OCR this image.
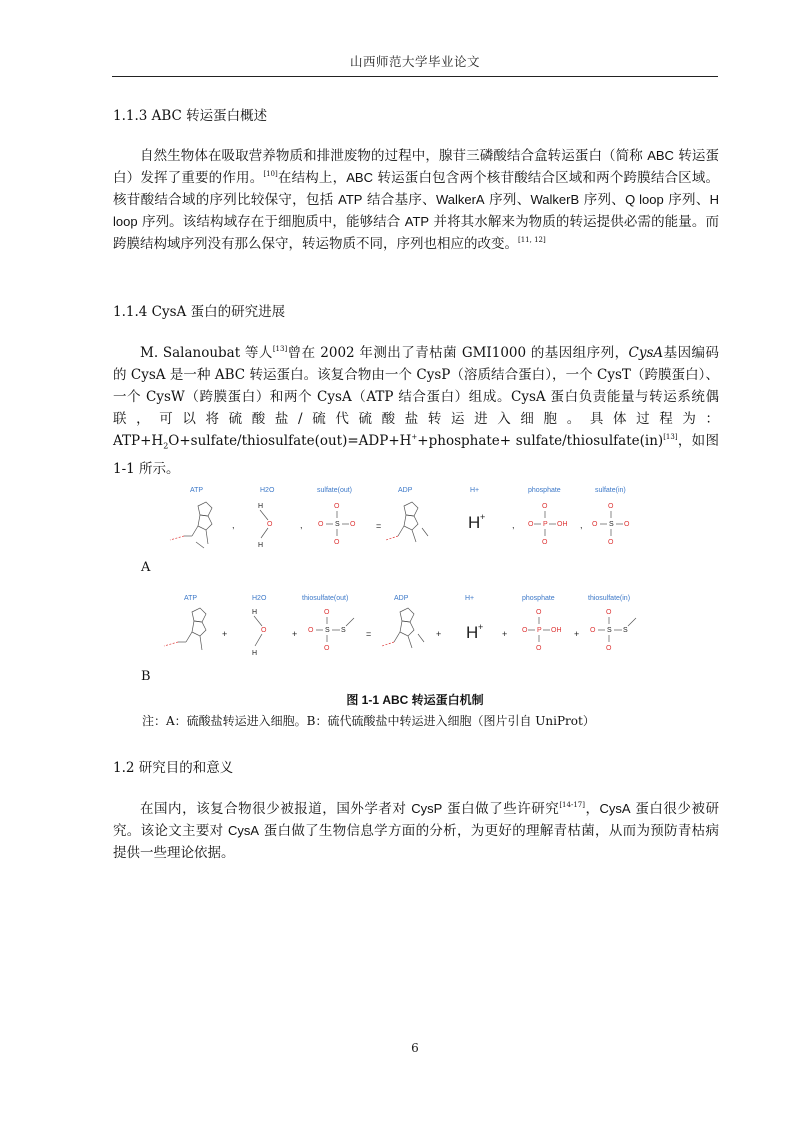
山西师范大学毕业论文
1.1.3 ABC 转运蛋白概述
自然生物体在吸取营养物质和排泄废物的过程中，腺苷三磷酸结合盒转运蛋白（简称 ABC 转运蛋白）发挥了重要的作用。[10]在结构上，ABC 转运蛋白包含两个核苷酸结合区域和两个跨膜结合区域。核苷酸结合域的序列比较保守，包括 ATP 结合基序、WalkerA 序列、WalkerB 序列、Q loop 序列、H loop 序列。该结构域存在于细胞质中，能够结合 ATP 并将其水解来为物质的转运提供必需的能量。而跨膜结构域序列没有那么保守，转运物质不同，序列也相应的改变。[11, 12]
1.1.4 CysA 蛋白的研究进展
M. Salanoubat 等人[13]曾在 2002 年测出了青枯菌 GMI1000 的基因组序列，CysA基因编码的 CysA 是一种 ABC 转运蛋白。该复合物由一个 CysP（溶质结合蛋白），一个 CysT（跨膜蛋白）、一个 CysW（跨膜蛋白）和两个 CysA（ATP 结合蛋白）组成。CysA 蛋白负责能量与转运系统偶联，可以将硫酸盐/硫代硫酸盐转运进入细胞。具体过程为：$ATP+H_2O+sulfate/thiosulfate(out)=ADP+H^++phosphate+$ sulfate/thiosulfate(in)[13]，如图 1-1 所示。
ATP	H2O	sulfate(out)	ADP	H+	phosphate	sulfate(in)
,
H
O
H
,
O
O S O
O
=	H +
,
O
O P OH
O
,
O
O S O
O
A
ATP	H2O	thiosulfate(out)	ADP	H+	phosphate	thiosulfate(in)
+
H
O
H
+
O
O S S
O
=	+ H +
+
O
O P OH
O
+
O
O S S
O
B
图 1-1 ABC 转运蛋白机制
注：A：硫酸盐转运进入细胞。B：硫代硫酸盐中转运进入细胞（图片引自 UniProt）
1.2 研究目的和意义
在国内，该复合物很少被报道，国外学者对 CysP 蛋白做了些许研究[14-17]，CysA 蛋白很少被研究。该论文主要对 CysA 蛋白做了生物信息学方面的分析，为更好的理解青枯菌，从而为预防青枯病提供一些理论依据。
6
